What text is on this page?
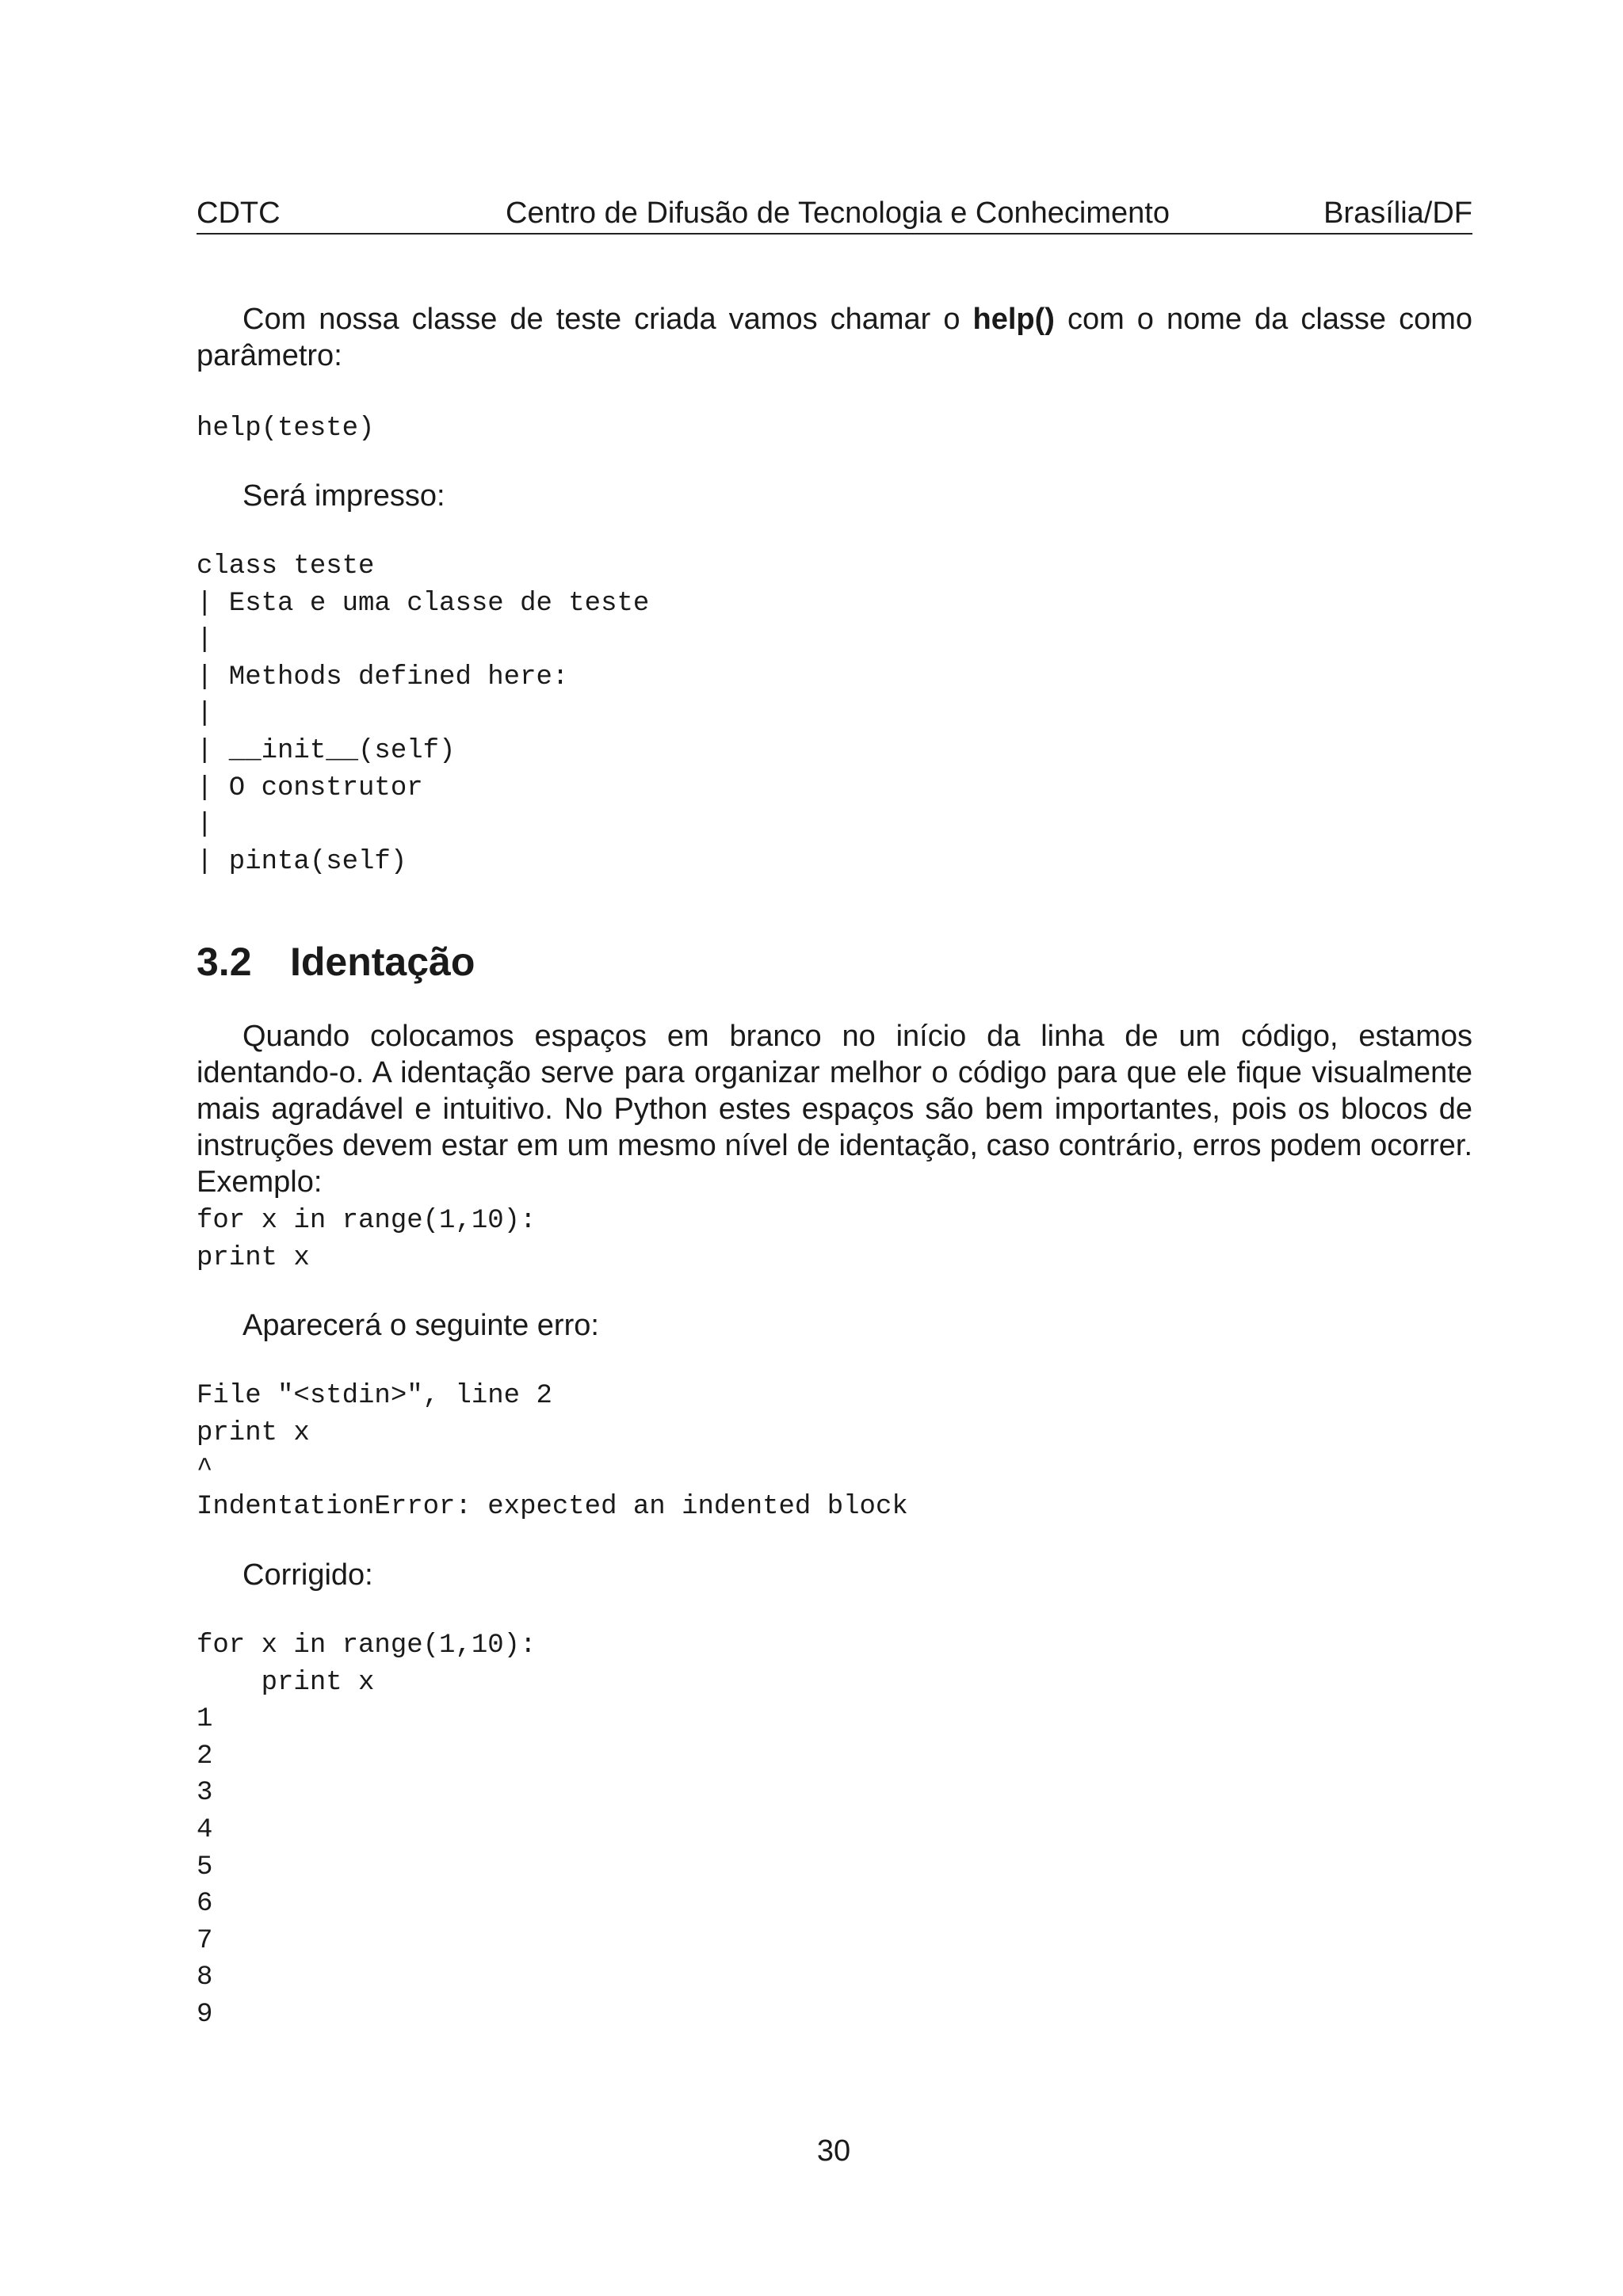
CDTC	Centro de Difusão de Tecnologia e Conhecimento	Brasília/DF

Com nossa classe de teste criada vamos chamar o help() com o nome da classe como parâmetro:

help(teste)

Será impresso:

class teste
| Esta e uma classe de teste
|
| Methods defined here:
|
| __init__(self)
| O construtor
|
| pinta(self)
3.2 Identação

Quando colocamos espaços em branco no início da linha de um código, estamos identando-o. A identação serve para organizar melhor o código para que ele fique visualmente mais agradável e intuitivo. No Python estes espaços são bem importantes, pois os blocos de instruções devem estar em um mesmo nível de identação, caso contrário, erros podem ocorrer. Exemplo:

for x in range(1,10):
print x

Aparecerá o seguinte erro:

File "<stdin>", line 2
print x
^
IndentationError: expected an indented block

Corrigido:

for x in range(1,10):
print x
1
2
3
4
5
6
7
8
9
30
